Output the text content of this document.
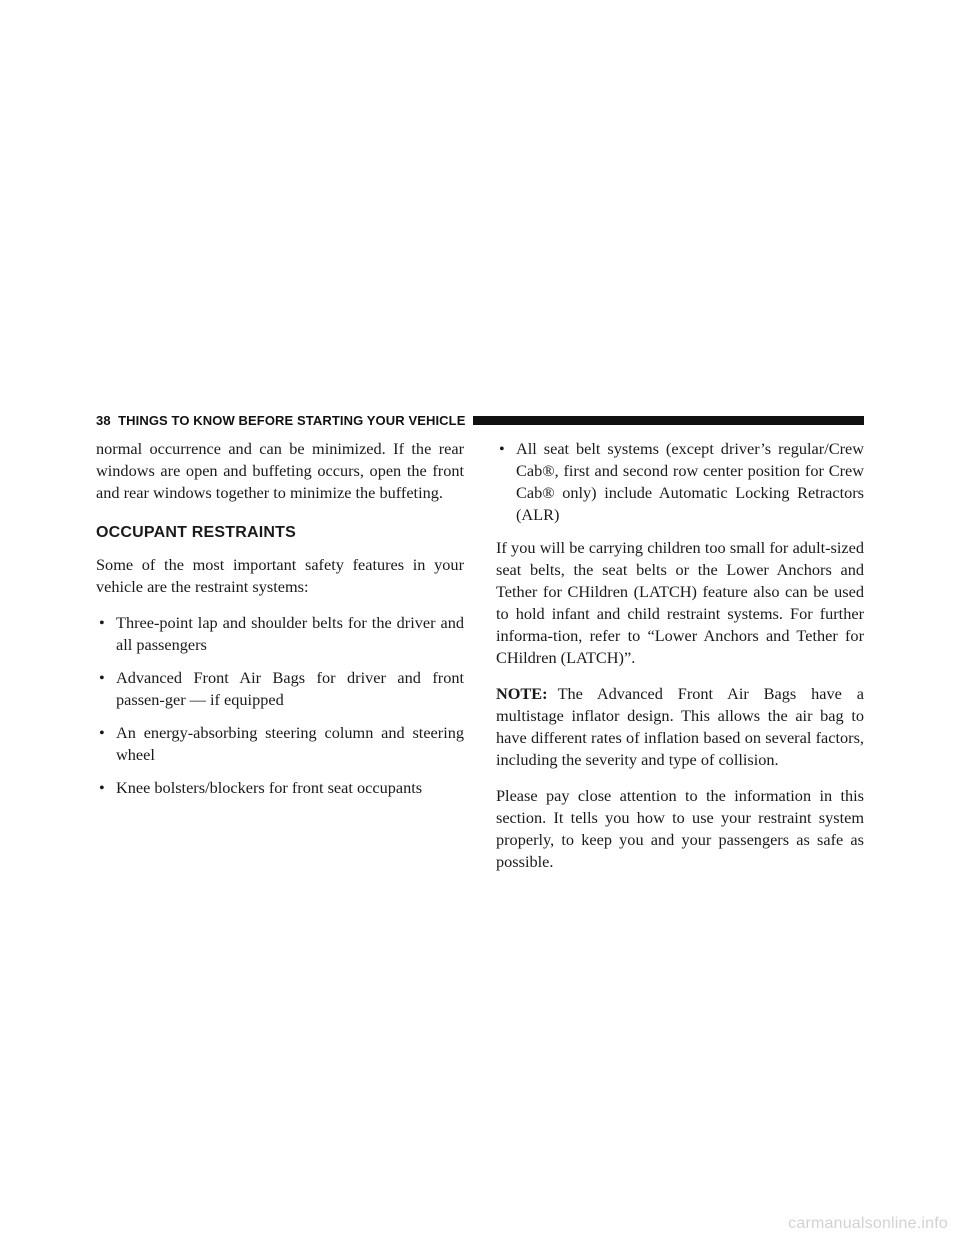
38 THINGS TO KNOW BEFORE STARTING YOUR VEHICLE

normal occurrence and can be minimized. If the rear windows are open and buffeting occurs, open the front and rear windows together to minimize the buffeting.

OCCUPANT RESTRAINTS

Some of the most important safety features in your vehicle are the restraint systems:

• Three-point lap and shoulder belts for the driver and all passengers
• Advanced Front Air Bags for driver and front passen-ger — if equipped
• An energy-absorbing steering column and steering wheel
• Knee bolsters/blockers for front seat occupants
• All seat belt systems (except driver’s regular/Crew Cab®, first and second row center position for Crew Cab® only) include Automatic Locking Retractors (ALR)

If you will be carrying children too small for adult-sized seat belts, the seat belts or the Lower Anchors and Tether for CHildren (LATCH) feature also can be used to hold infant and child restraint systems. For further informa-tion, refer to “Lower Anchors and Tether for CHildren (LATCH)”.

NOTE: The Advanced Front Air Bags have a multistage inflator design. This allows the air bag to have different rates of inflation based on several factors, including the severity and type of collision.

Please pay close attention to the information in this section. It tells you how to use your restraint system properly, to keep you and your passengers as safe as possible.

carmanualsonline.info
